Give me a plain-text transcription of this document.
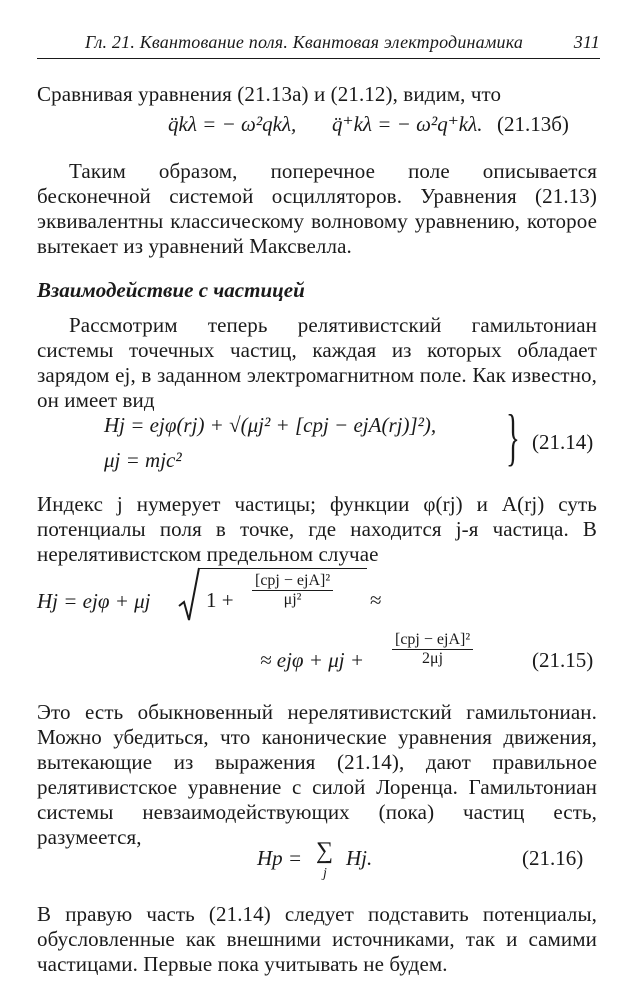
Гл. 21. Квантование поля. Квантовая электродинамика	311
Сравнивая уравнения (21.13а) и (21.12), видим, что
q̈kλ = − ω²qkλ, q̈⁺kλ = − ω²q⁺kλ. (21.13б)
Таким образом, поперечное поле описывается бесконечной системой осцилляторов. Уравнения (21.13) эквивалентны классическому волновому уравнению, которое вытекает из уравнений Максвелла.
Взаимодействие с частицей
Рассмотрим теперь релятивистский гамильтониан системы точечных частиц, каждая из которых обладает зарядом ej, в заданном электромагнитном поле. Как известно, он имеет вид
Hj = ejφ(rj) + √(μj² + [cpj − ejA(rj)]²),
μj = mjc²	} (21.14)
Индекс j нумерует частицы; функции φ(rj) и A(rj) суть потенциалы поля в точке, где находится j-я частица. В нерелятивистском предельном случае
Hj = ejφ + μj	1 +
[cpj − ejA]²
μj²	≈
≈ ejφ + μj +
[cpj − ejA]²
2μj	(21.15)
Это есть обыкновенный нерелятивистский гамильтониан. Можно убедиться, что канонические уравнения движения, вытекающие из выражения (21.14), дают правильное релятивистское уравнение с силой Лоренца. Гамильтониан системы невзаимодействующих (пока) частиц есть, разумеется,
Hp = ∑
j
Hj.	(21.16)
В правую часть (21.14) следует подставить потенциалы, обусловленные как внешними источниками, так и самими частицами. Первые пока учитывать не будем.
